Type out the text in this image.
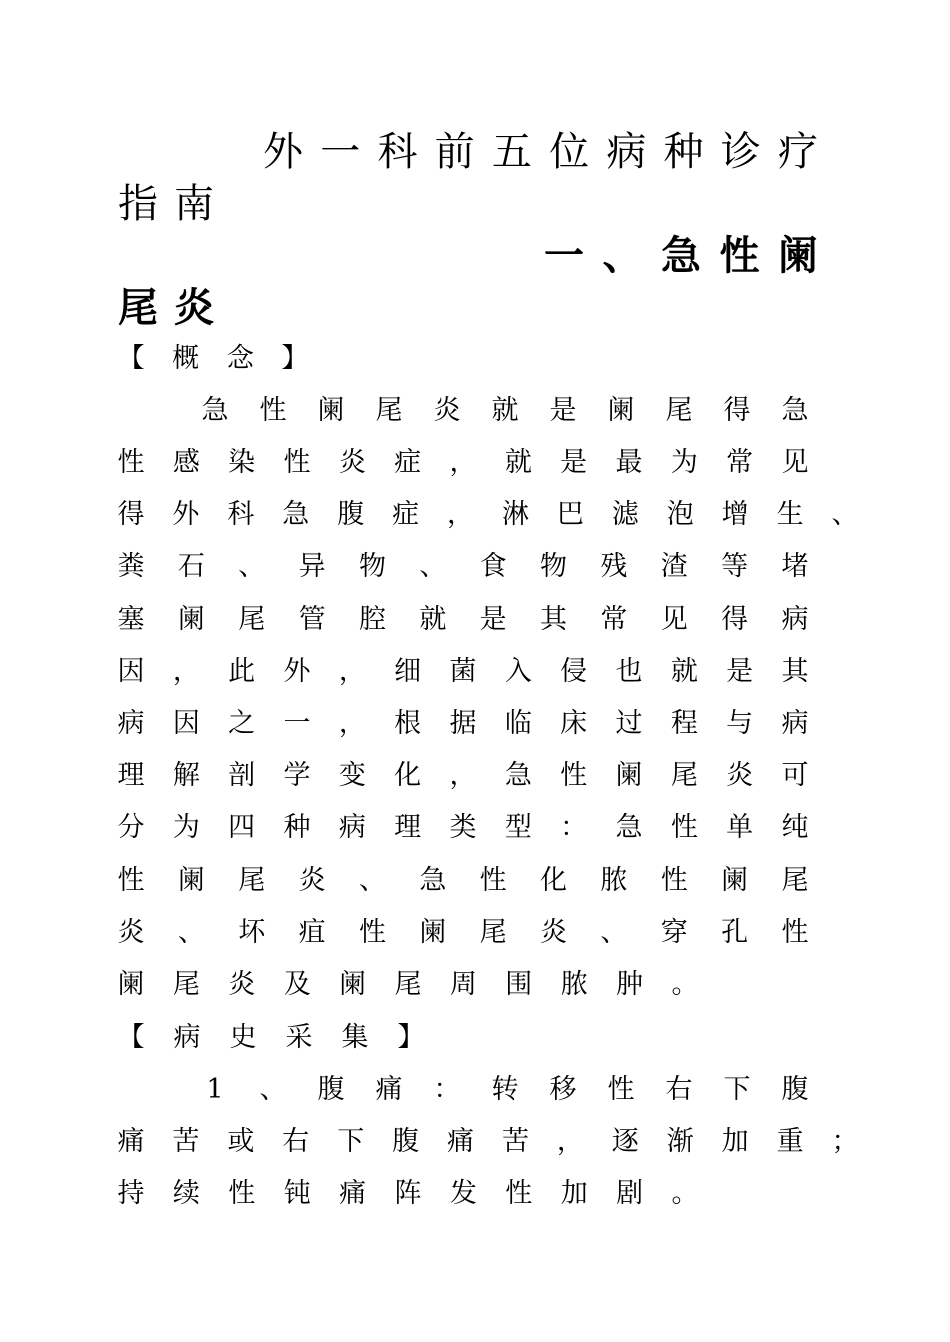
外 一 科 前 五 位 病 种 诊 疗
指 南
一 、 急 性 阑
尾 炎
【 概 念 】
急 性 阑 尾 炎 就 是 阑 尾 得 急
性 感 染 性 炎 症 ， 就 是 最 为 常 见
得 外 科 急 腹 症 ， 淋 巴 滤 泡 增 生 、
粪 石 、 异 物 、 食 物 残 渣 等 堵
塞 阑 尾 管 腔 就 是 其 常 见 得 病
因 ， 此 外 ， 细 菌 入 侵 也 就 是 其
病 因 之 一 ， 根 据 临 床 过 程 与 病
理 解 剖 学 变 化 ， 急 性 阑 尾 炎 可
分 为 四 种 病 理 类 型 ： 急 性 单 纯
性 阑 尾 炎 、 急 性 化 脓 性 阑 尾
炎 、 坏 疽 性 阑 尾 炎 、 穿 孔 性
阑 尾 炎 及 阑 尾 周 围 脓 肿 。
【 病 史 采 集 】
1 、 腹 痛 ： 转 移 性 右 下 腹
痛 苦 或 右 下 腹 痛 苦 ， 逐 渐 加 重 ；
持 续 性 钝 痛 阵 发 性 加 剧 。
